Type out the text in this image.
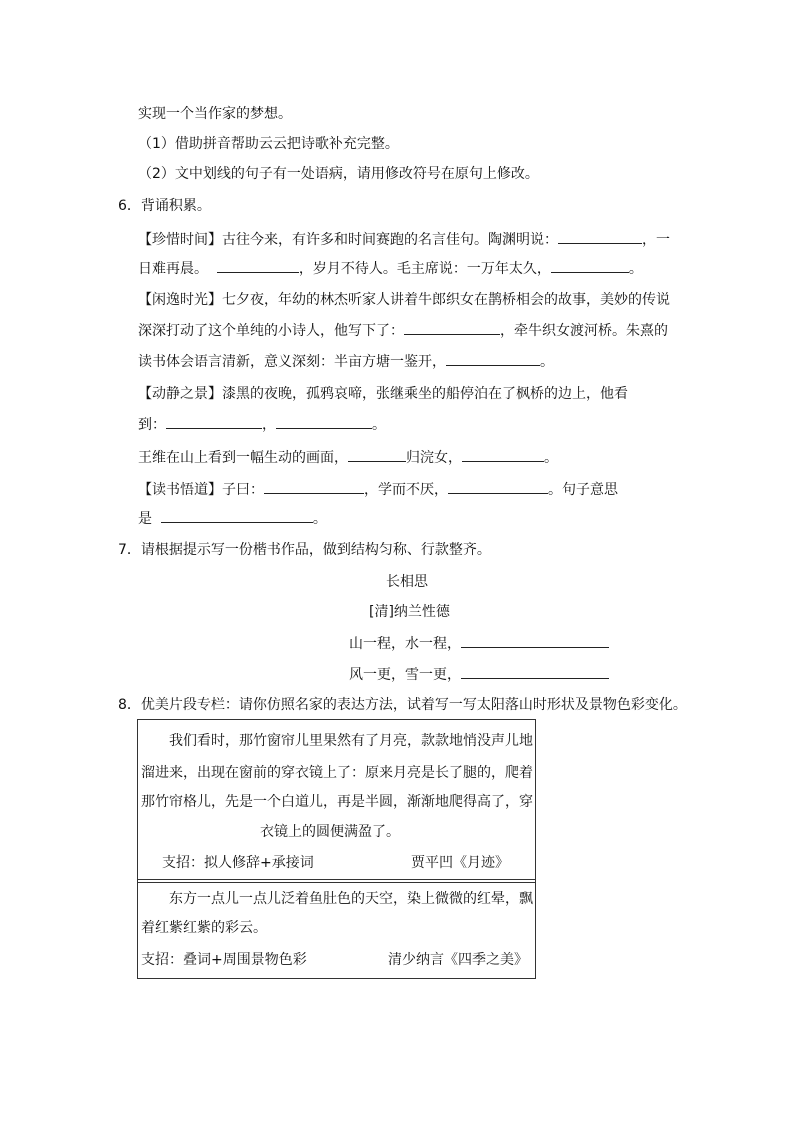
实现一个当作家的梦想。
（1）借助拼音帮助云云把诗歌补充完整。
（2）文中划线的句子有一处语病，请用修改符号在原句上修改。
6．背诵积累。
【珍惜时间】古往今来，有许多和时间赛跑的名言佳句。陶渊明说：	，一
日难再晨。	，岁月不待人。毛主席说：一万年太久，	。
【闲逸时光】七夕夜，年幼的林杰听家人讲着牛郎织女在鹊桥相会的故事，美妙的传说
深深打动了这个单纯的小诗人，他写下了：	，牵牛织女渡河桥。朱熹的
读书体会语言清新，意义深刻：半亩方塘一鉴开，	。
【动静之景】漆黑的夜晚，孤鸦哀啼，张继乘坐的船停泊在了枫桥的边上，他看
到：	，	。
王维在山上看到一幅生动的画面，	归浣女，	。
【读书悟道】子曰：	，学而不厌，	。句子意思
是	。
7．请根据提示写一份楷书作品，做到结构匀称、行款整齐。
长相思
[清]纳兰性德
山一程，水一程，
风一更，雪一更，
8．优美片段专栏：请你仿照名家的表达方法，试着写一写太阳落山时形状及景物色彩变化。
我们看时，那竹窗帘儿里果然有了月亮，款款地悄没声儿地
溜进来，出现在窗前的穿衣镜上了：原来月亮是长了腿的，爬着
那竹帘格儿，先是一个白道儿，再是半圆，渐渐地爬得高了，穿
衣镜上的圆便满盈了。
支招：拟人修辞+承接词	贾平凹《月迹》
东方一点儿一点儿泛着鱼肚色的天空，染上微微的红晕，飘
着红紫红紫的彩云。
支招：叠词+周围景物色彩	清少纳言《四季之美》
